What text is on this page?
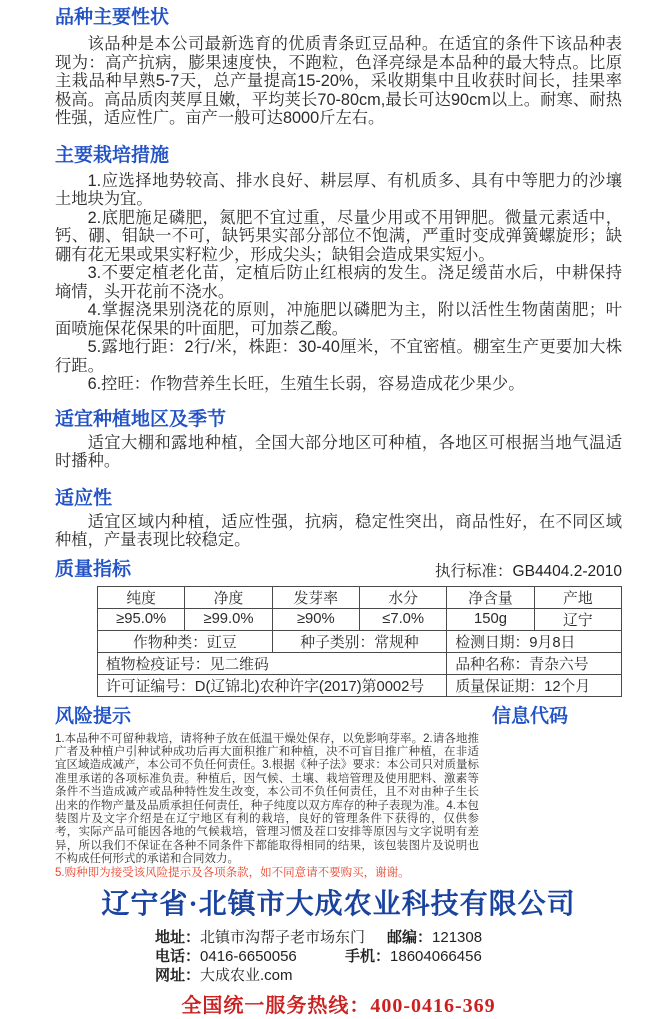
品种主要性状

该品种是本公司最新选育的优质青条豇豆品种。在适宜的条件下该品种表现为：高产抗病，膨果速度快，不跑粒，色泽亮绿是本品种的最大特点。比原主栽品种早熟5-7天，总产量提高15-20%，采收期集中且收获时间长，挂果率极高。高品质肉荚厚且嫩，平均荚长70-80cm,最长可达90cm以上。耐寒、耐热性强，适应性广。亩产一般可达8000斤左右。

主要栽培措施

1.应选择地势较高、排水良好、耕层厚、有机质多、具有中等肥力的沙壤土地块为宜。

2.底肥施足磷肥，氮肥不宜过重，尽量少用或不用钾肥。微量元素适中，钙、硼、钼缺一不可，缺钙果实部分部位不饱满，严重时变成弹簧螺旋形；缺硼有花无果或果实籽粒少，形成尖头；缺钼会造成果实短小。

3.不要定植老化苗，定植后防止红根病的发生。浇足缓苗水后，中耕保持墒情，头开花前不浇水。

4.掌握浇果别浇花的原则，冲施肥以磷肥为主，附以活性生物菌菌肥；叶面喷施保花保果的叶面肥，可加萘乙酸。

5.露地行距：2行/米，株距：30-40厘米，不宜密植。棚室生产更要加大株行距。

6.控旺：作物营养生长旺，生殖生长弱，容易造成花少果少。

适宜种植地区及季节

适宜大棚和露地种植，全国大部分地区可种植，各地区可根据当地气温适时播种。

适应性

适宜区域内种植，适应性强，抗病，稳定性突出，商品性好，在不同区域种植，产量表现比较稳定。

质量指标	执行标准：GB4404.2-2010
纯度	净度	发芽率	水分	净含量	产地
≥95.0%	≥99.0%	≥90%	≤7.0%	150g	辽宁
作物种类：豇豆		种子类别：常规种		检测日期：9月8日	
植物检疫证号：见二维码				品种名称：青杂六号	
许可证编号：D(辽锦北)农种许字(2017)第0002号				质量保证期：12个月	
风险提示	信息代码

1.本品种不可留种栽培，请将种子放在低温干燥处保存，以免影响芽率。2.请各地推广者及种植户引种试种成功后再大面积推广和种植，决不可盲目推广种植，在非适宜区域造成减产，本公司不负任何责任。3.根据《种子法》要求：本公司只对质量标准里承诺的各项标准负责。种植后，因气候、土壤、栽培管理及使用肥料、激素等条件不当造成减产或品种特性发生改变，本公司不负任何责任，且不对由种子生长出来的作物产量及品质承担任何责任，种子纯度以双方库存的种子表现为准。4.本包装图片及文字介绍是在辽宁地区有利的栽培，良好的管理条件下获得的，仅供参考，实际产品可能因各地的气候栽培，管理习惯及茬口安排等原因与文字说明有差异，所以我们不保证在各种不同条件下都能取得相同的结果，该包装图片及说明也不构成任何形式的承诺和合同效力。

5.购种即为接受该风险提示及各项条款，如不同意请不要购买，谢谢。

辽宁省·北镇市大成农业科技有限公司
地址：北镇市沟帮子老市场东门	邮编：121308
电话：0416-6650056	手机：18604066456
网址：大成农业.com
全国统一服务热线：400-0416-369
